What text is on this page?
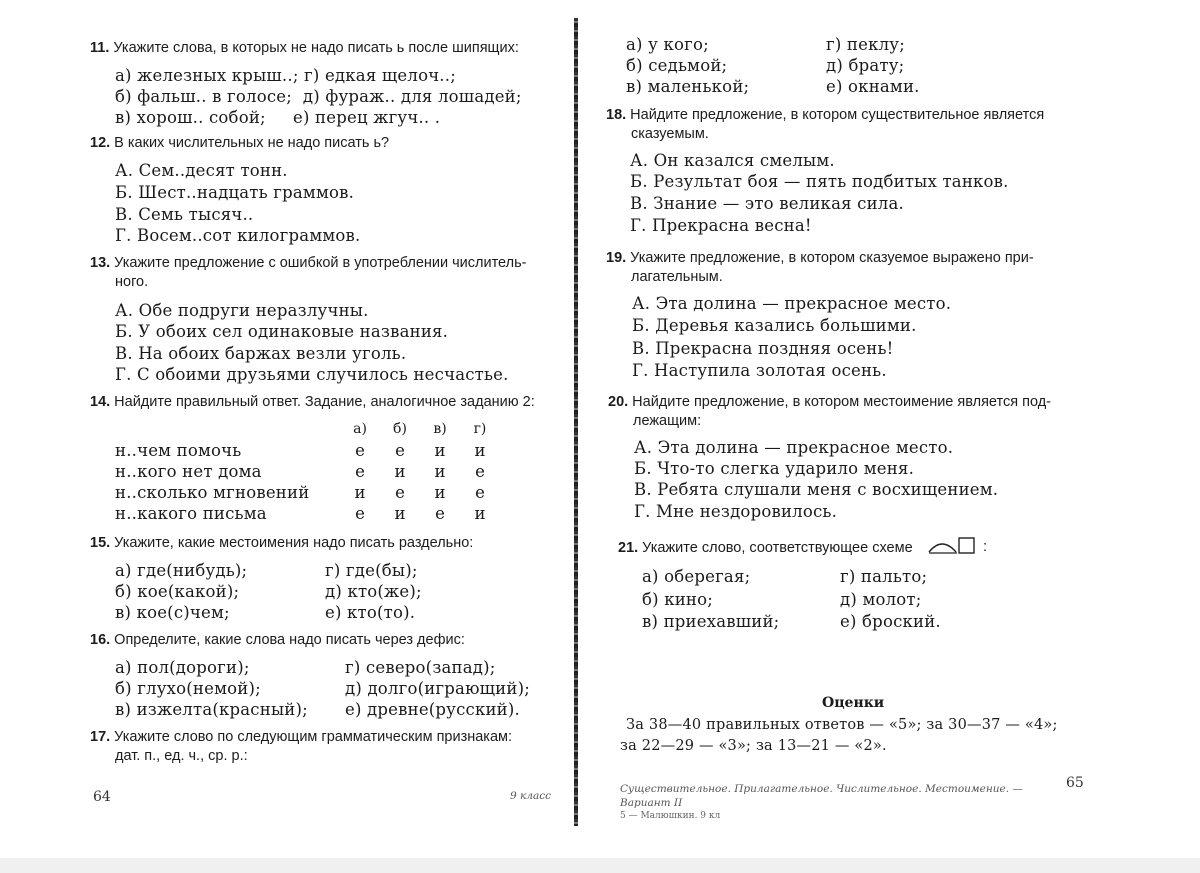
11. Укажите слова, в которых не надо писать ь после шипящих:
а) железных крыш..; г) едкая щелоч..;
б) фальш.. в голосе;  д) фураж.. для лошадей;
в) хорош.. собой;     е) перец жгуч.. .
12. В каких числительных не надо писать ь?
А. Сем..десят тонн.
Б. Шест..надцать граммов.
В. Семь тысяч..
Г. Восем..сот килограммов.
13. Укажите предложение с ошибкой в употреблении числитель-
ного.
А. Обе подруги неразлучны.
Б. У обоих сел одинаковые названия.
В. На обоих баржах везли уголь.
Г. С обоими друзьями случилось несчастье.
14. Найдите правильный ответ. Задание, аналогичное заданию 2:
а) б) в) г)
н..чем помочь	е	е	и и
н..кого нет дома	е	и и	е
н..сколько мгновений	и	е	и	е
н..какого письма	е	и	е	и
15. Укажите, какие местоимения надо писать раздельно:
а) где(нибудь);
б) кое(какой);
в) кое(с)чем;
г) где(бы);
д) кто(же);
е) кто(то).
16. Определите, какие слова надо писать через дефис:
а) пол(дороги);
б) глухо(немой);
в) изжелта(красный);
г) северо(запад);
д) долго(играющий);
е) древне(русский).
17. Укажите слово по следующим грамматическим признакам:
дат. п., ед. ч., ср. р.:
64	9 класс
а) у кого;
б) седьмой;
в) маленькой;
г) пеклу;
д) брату;
е) окнами.
18. Найдите предложение, в котором существительное является
сказуемым.
А. Он казался смелым.
Б. Результат боя — пять подбитых танков.
В. Знание — это великая сила.
Г. Прекрасна весна!
19. Укажите предложение, в котором сказуемое выражено при-
лагательным.
А. Эта долина — прекрасное место.
Б. Деревья казались большими.
В. Прекрасна поздняя осень!
Г. Наступила золотая осень.
20. Найдите предложение, в котором местоимение является под-
лежащим:
А. Эта долина — прекрасное место.
Б. Что-то слегка ударило меня.
В. Ребята слушали меня с восхищением.
Г. Мне нездоровилось.
21. Укажите слово, соответствующее схеме	:
а) оберегая;
б) кино;
в) приехавший;
г) пальто;
д) молот;
е) броский.
Оценки
За 38—40 правильных ответов — «5»; за 30—37 — «4»;
за 22—29 — «3»; за 13—21 — «2».
Существительное. Прилагательное. Числительное. Местоимение. —
Вариант II
5 — Малюшкин. 9 кл
65
